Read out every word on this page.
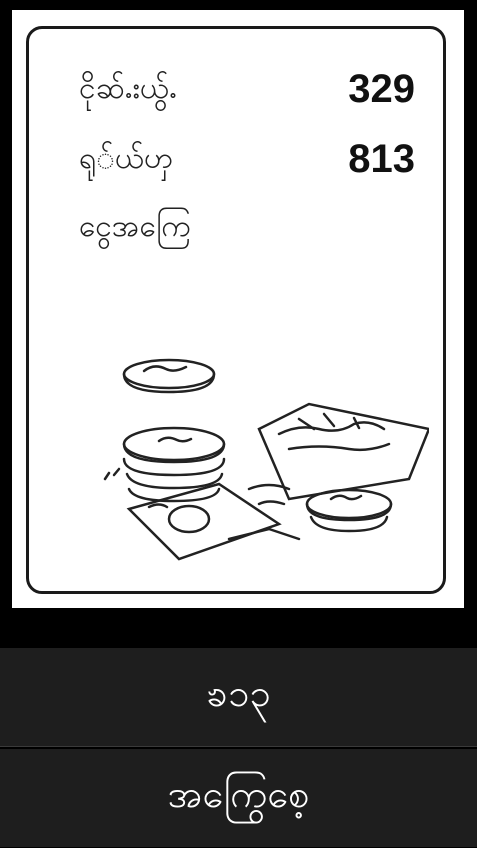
ငိုဆ်ႉးယွ်ႉ	329
ရု်ယ်ၯ	813
ငွေအကြေ
ၶ၁၃
အကြွေစေ့
